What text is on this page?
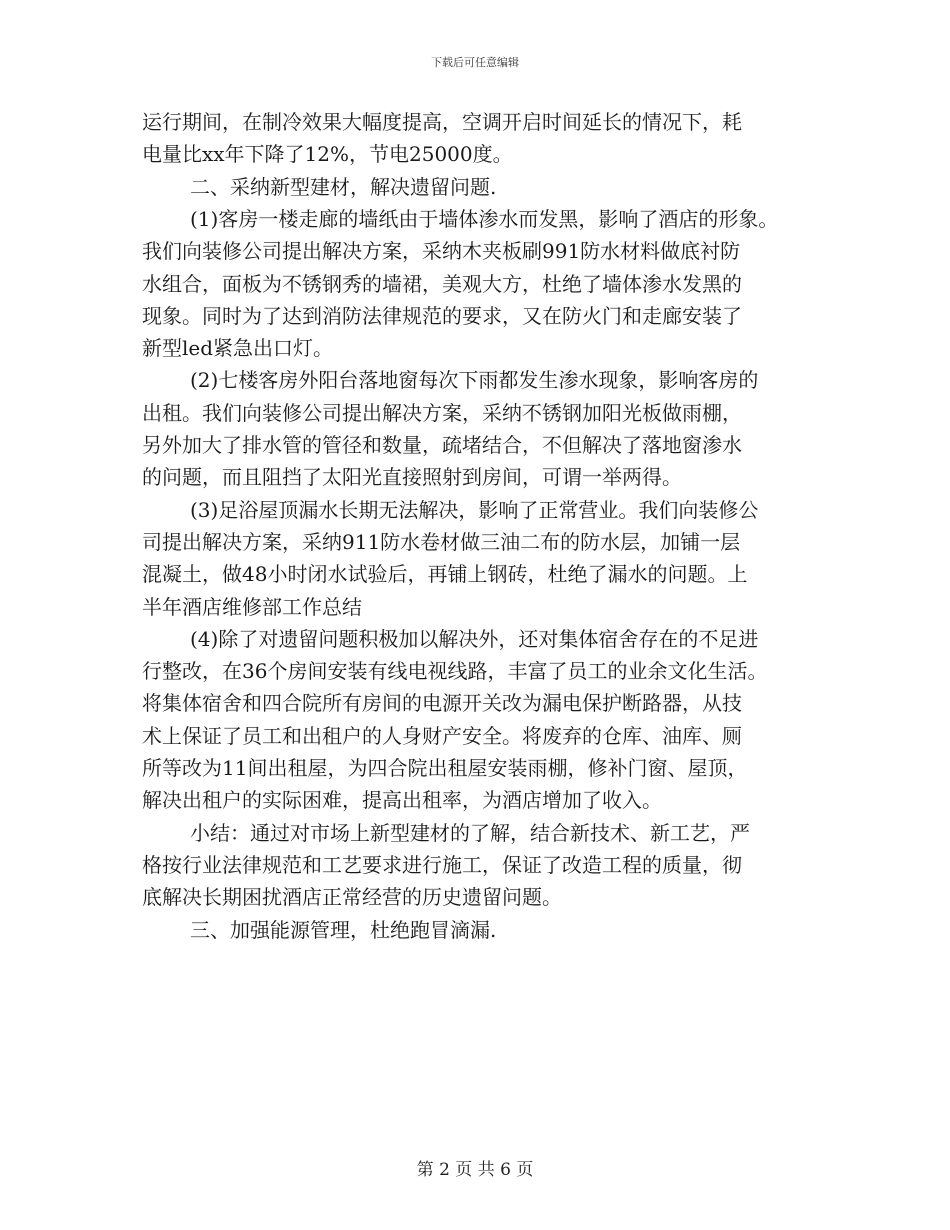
下载后可任意编辑
运行期间，在制冷效果大幅度提高，空调开启时间延长的情况下，耗
电量比xx年下降了12%，节电25000度。
二、采纳新型建材，解决遗留问题.
(1)客房一楼走廊的墙纸由于墙体渗水而发黑，影响了酒店的形象。
我们向装修公司提出解决方案，采纳木夹板刷991防水材料做底衬防
水组合，面板为不锈钢秀的墙裙，美观大方，杜绝了墙体渗水发黑的
现象。同时为了达到消防法律规范的要求，又在防火门和走廊安装了
新型led紧急出口灯。
(2)七楼客房外阳台落地窗每次下雨都发生渗水现象，影响客房的
出租。我们向装修公司提出解决方案，采纳不锈钢加阳光板做雨棚，
另外加大了排水管的管径和数量，疏堵结合，不但解决了落地窗渗水
的问题，而且阻挡了太阳光直接照射到房间，可谓一举两得。
(3)足浴屋顶漏水长期无法解决，影响了正常营业。我们向装修公
司提出解决方案，采纳911防水卷材做三油二布的防水层，加铺一层
混凝土，做48小时闭水试验后，再铺上钢砖，杜绝了漏水的问题。上
半年酒店维修部工作总结
(4)除了对遗留问题积极加以解决外，还对集体宿舍存在的不足进
行整改，在36个房间安装有线电视线路，丰富了员工的业余文化生活。
将集体宿舍和四合院所有房间的电源开关改为漏电保护断路器，从技
术上保证了员工和出租户的人身财产安全。将废弃的仓库、油库、厕
所等改为11间出租屋，为四合院出租屋安装雨棚，修补门窗、屋顶，
解决出租户的实际困难，提高出租率，为酒店增加了收入。
小结：通过对市场上新型建材的了解，结合新技术、新工艺，严
格按行业法律规范和工艺要求进行施工，保证了改造工程的质量，彻
底解决长期困扰酒店正常经营的历史遗留问题。
三、加强能源管理，杜绝跑冒滴漏.
第 2 页 共 6 页
